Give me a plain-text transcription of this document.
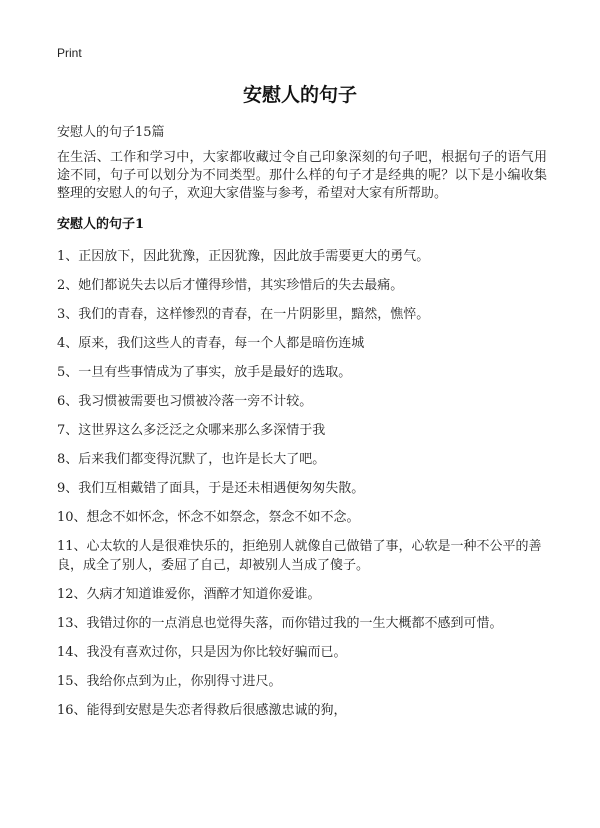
Print
安慰人的句子
安慰人的句子15篇
在生活、工作和学习中，大家都收藏过令自己印象深刻的句子吧，根据句子的语气用途不同，句子可以划分为不同类型。那什么样的句子才是经典的呢？以下是小编收集整理的安慰人的句子，欢迎大家借鉴与参考，希望对大家有所帮助。
安慰人的句子1

1、正因放下，因此犹豫，正因犹豫，因此放手需要更大的勇气。

2、她们都说失去以后才懂得珍惜，其实珍惜后的失去最痛。

3、我们的青春，这样惨烈的青春，在一片阴影里，黯然，憔悴。

4、原来，我们这些人的青春，每一个人都是暗伤连城

5、一旦有些事情成为了事实，放手是最好的选取。

6、我习惯被需要也习惯被冷落一旁不计较。

7、这世界这么多泛泛之众哪来那么多深情于我

8、后来我们都变得沉默了，也许是长大了吧。

9、我们互相戴错了面具，于是还未相遇便匆匆失散。

10、想念不如怀念，怀念不如祭念，祭念不如不念。

11、心太软的人是很难快乐的，拒绝别人就像自己做错了事，心软是一种不公平的善良，成全了别人，委屈了自己，却被别人当成了傻子。

12、久病才知道谁爱你，酒醉才知道你爱谁。

13、我错过你的一点消息也觉得失落，而你错过我的一生大概都不感到可惜。

14、我没有喜欢过你，只是因为你比较好骗而已。

15、我给你点到为止，你别得寸进尺。

16、能得到安慰是失恋者得救后很感激忠诚的狗，
